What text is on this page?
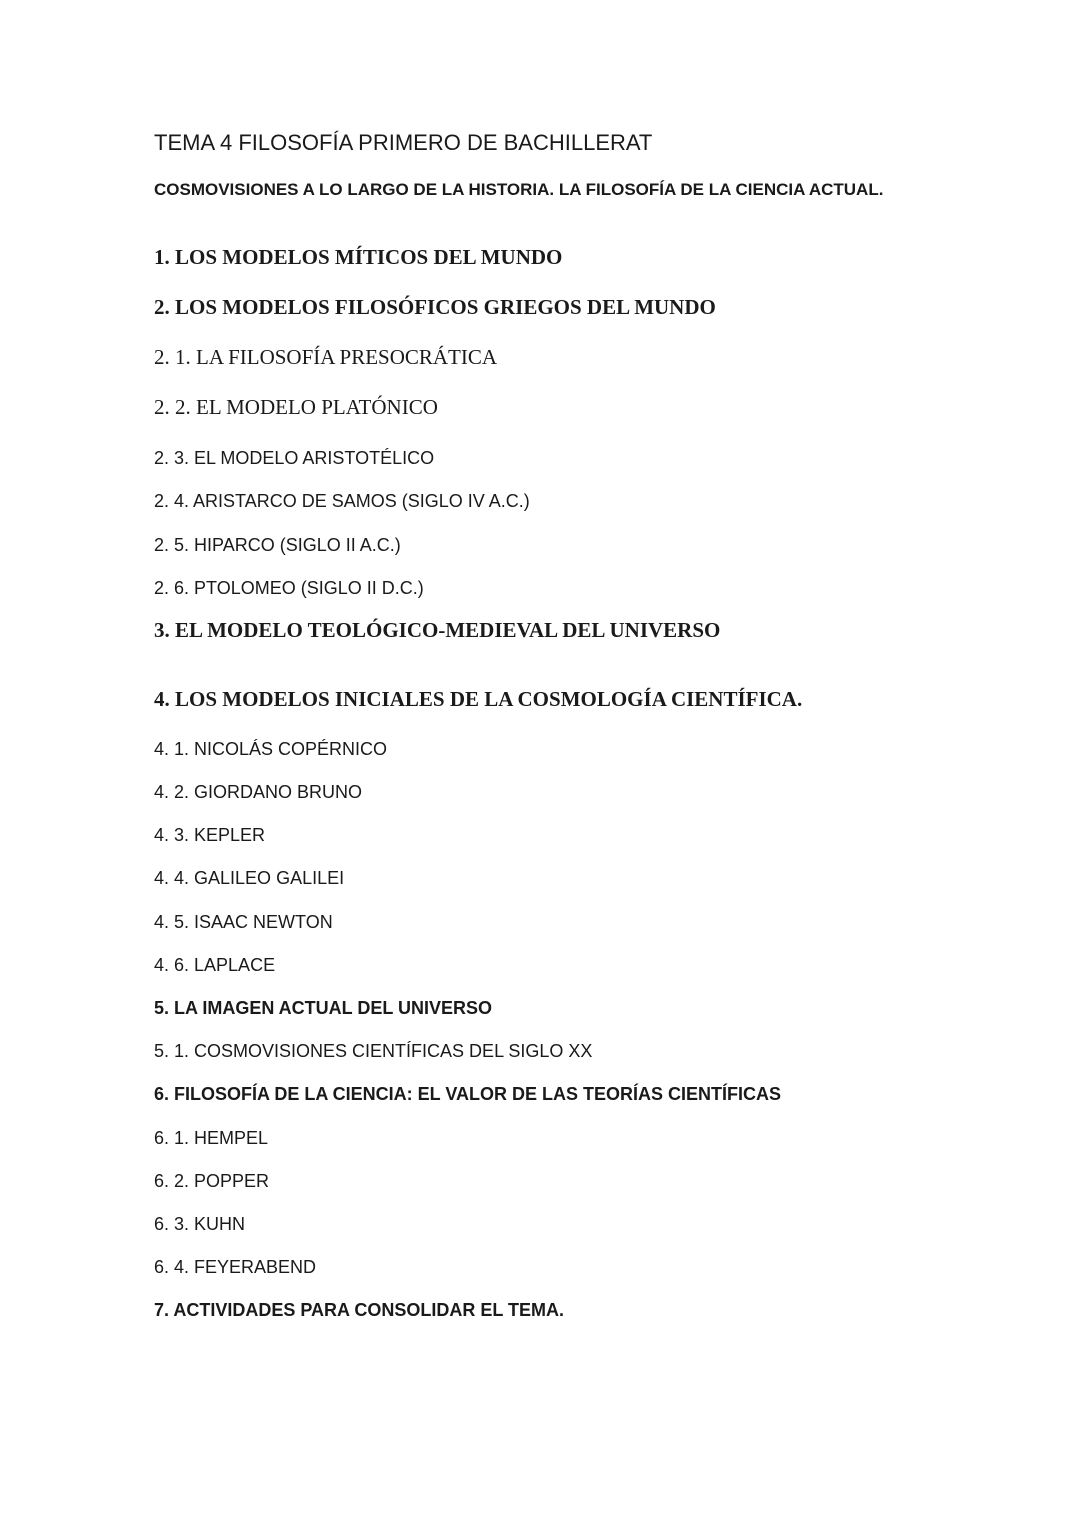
TEMA 4 FILOSOFÍA PRIMERO DE BACHILLERAT
COSMOVISIONES A LO LARGO DE LA HISTORIA. LA FILOSOFÍA DE LA CIENCIA ACTUAL.
1. LOS MODELOS MÍTICOS DEL MUNDO
2. LOS MODELOS FILOSÓFICOS GRIEGOS DEL MUNDO
2. 1. LA FILOSOFÍA PRESOCRÁTICA
2. 2. EL MODELO PLATÓNICO
2. 3. EL MODELO ARISTOTÉLICO
2. 4. ARISTARCO DE SAMOS (SIGLO IV A.C.)
2. 5. HIPARCO (SIGLO II A.C.)
2. 6. PTOLOMEO (SIGLO II D.C.)
3. EL MODELO TEOLÓGICO-MEDIEVAL DEL UNIVERSO
4. LOS MODELOS INICIALES DE LA COSMOLOGÍA CIENTÍFICA.
4. 1. NICOLÁS COPÉRNICO
4. 2. GIORDANO BRUNO
4. 3. KEPLER
4. 4. GALILEO GALILEI
4. 5. ISAAC NEWTON
4. 6. LAPLACE
5. LA IMAGEN ACTUAL DEL UNIVERSO
5. 1. COSMOVISIONES CIENTÍFICAS DEL SIGLO XX
6. FILOSOFÍA DE LA CIENCIA: EL VALOR DE LAS TEORÍAS CIENTÍFICAS
6. 1. HEMPEL
6. 2. POPPER
6. 3. KUHN
6. 4. FEYERABEND
7. ACTIVIDADES PARA CONSOLIDAR EL TEMA.
